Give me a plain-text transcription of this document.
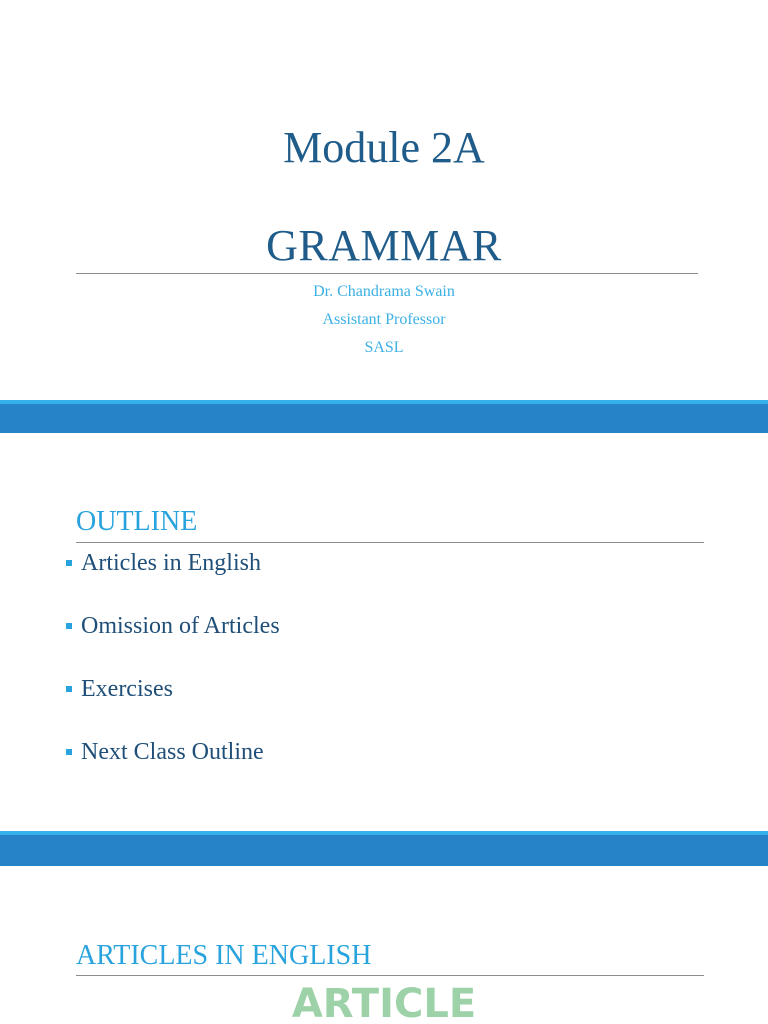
Module 2A
GRAMMAR
Dr. Chandrama Swain
Assistant Professor
SASL
OUTLINE
Articles in English
Omission of Articles
Exercises
Next Class Outline
ARTICLES IN ENGLISH
ARTICLE
